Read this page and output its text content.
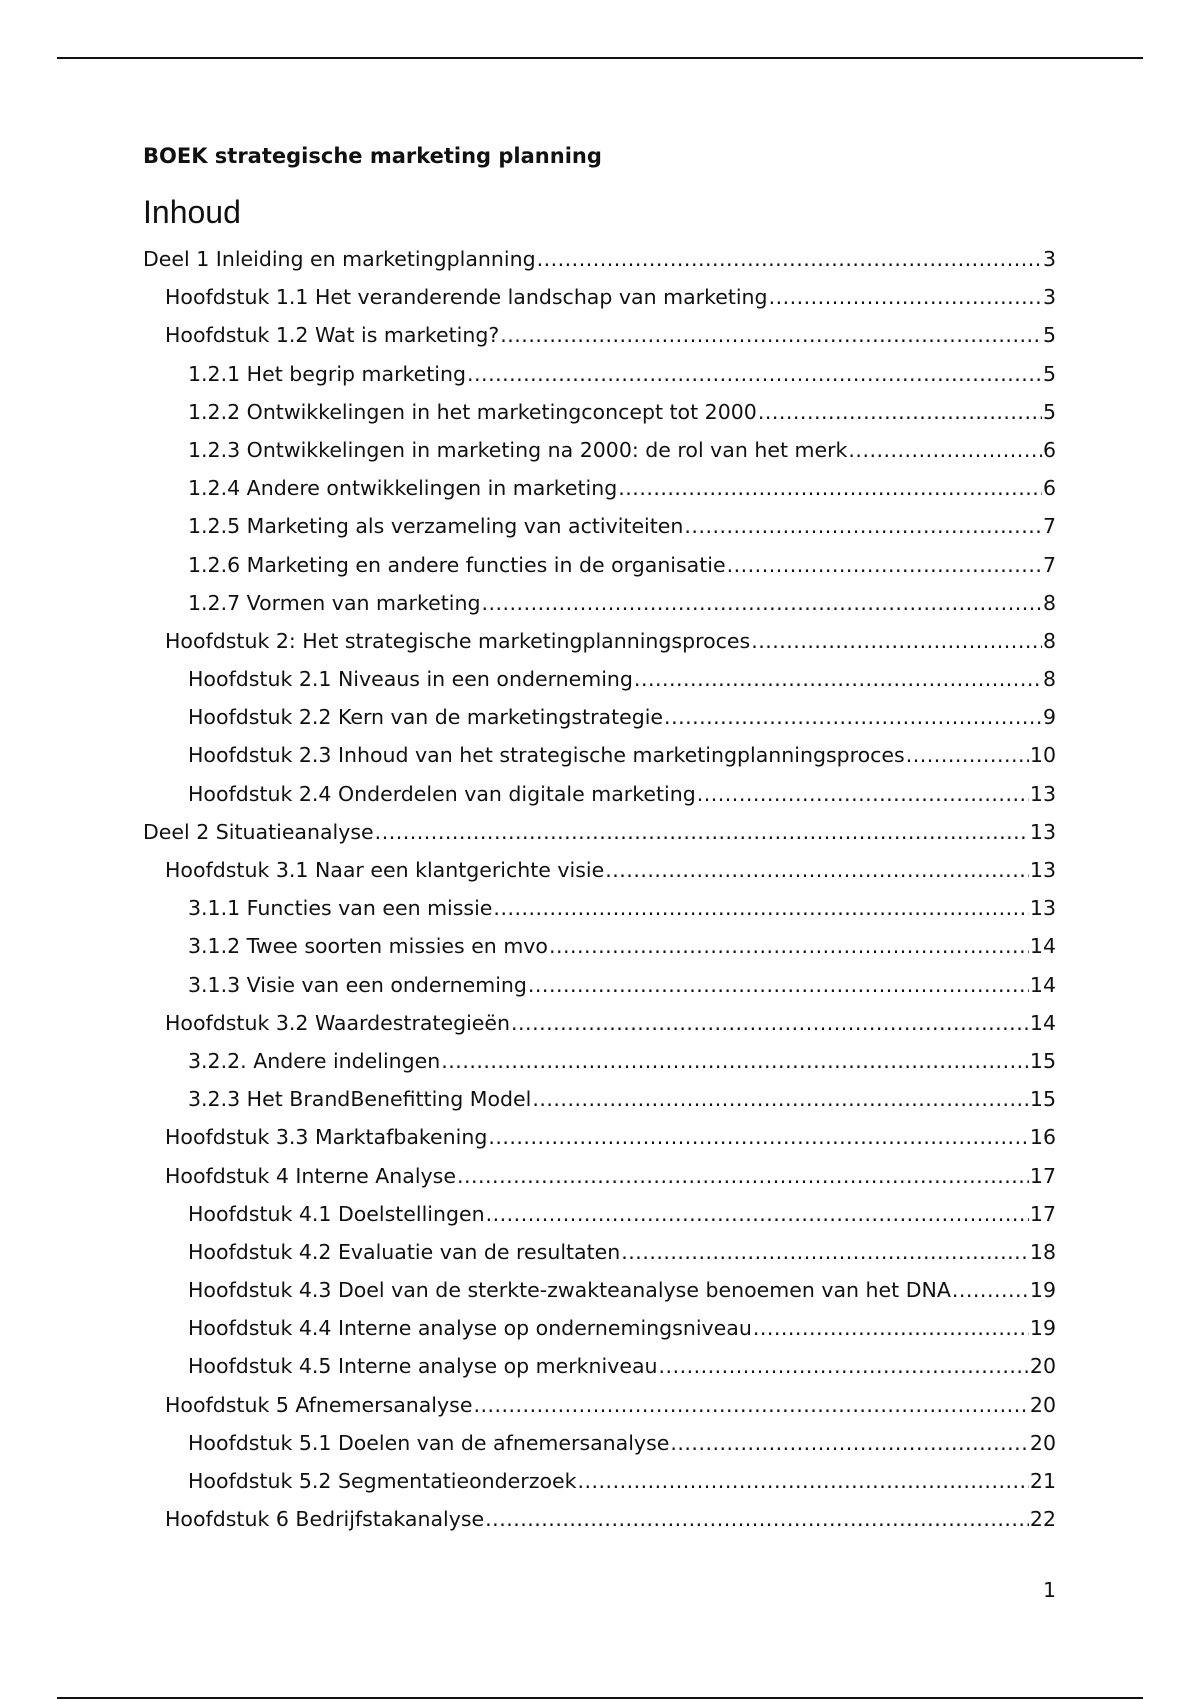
BOEK strategische marketing planning
Inhoud
Deel 1 Inleiding en marketingplanning .....	3
Hoofdstuk 1.1 Het veranderende landschap van marketing .....	3
Hoofdstuk 1.2 Wat is marketing? .....	5
1.2.1 Het begrip marketing .....	5
1.2.2 Ontwikkelingen in het marketingconcept tot 2000 .....	5
1.2.3 Ontwikkelingen in marketing na 2000: de rol van het merk .....	6
1.2.4 Andere ontwikkelingen in marketing .....	6
1.2.5 Marketing als verzameling van activiteiten .....	7
1.2.6 Marketing en andere functies in de organisatie .....	7
1.2.7 Vormen van marketing .....	8
Hoofdstuk 2: Het strategische marketingplanningsproces .....	8
Hoofdstuk 2.1 Niveaus in een onderneming .....	8
Hoofdstuk 2.2 Kern van de marketingstrategie .....	9
Hoofdstuk 2.3 Inhoud van het strategische marketingplanningsproces .....	10
Hoofdstuk 2.4 Onderdelen van digitale marketing .....	13
Deel 2 Situatieanalyse .....	13
Hoofdstuk 3.1 Naar een klantgerichte visie .....	13
3.1.1 Functies van een missie .....	13
3.1.2 Twee soorten missies en mvo .....	14
3.1.3 Visie van een onderneming .....	14
Hoofdstuk 3.2 Waardestrategieën .....	14
3.2.2. Andere indelingen .....	15
3.2.3 Het BrandBenefitting Model .....	15
Hoofdstuk 3.3 Marktafbakening .....	16
Hoofdstuk 4 Interne Analyse .....	17
Hoofdstuk 4.1 Doelstellingen .....	17
Hoofdstuk 4.2 Evaluatie van de resultaten .....	18
Hoofdstuk 4.3 Doel van de sterkte-zwakteanalyse benoemen van het DNA .....	19
Hoofdstuk 4.4 Interne analyse op ondernemingsniveau .....	19
Hoofdstuk 4.5 Interne analyse op merkniveau .....	20
Hoofdstuk 5 Afnemersanalyse .....	20
Hoofdstuk 5.1 Doelen van de afnemersanalyse .....	20
Hoofdstuk 5.2 Segmentatieonderzoek .....	21
Hoofdstuk 6 Bedrijfstakanalyse .....	22
1
